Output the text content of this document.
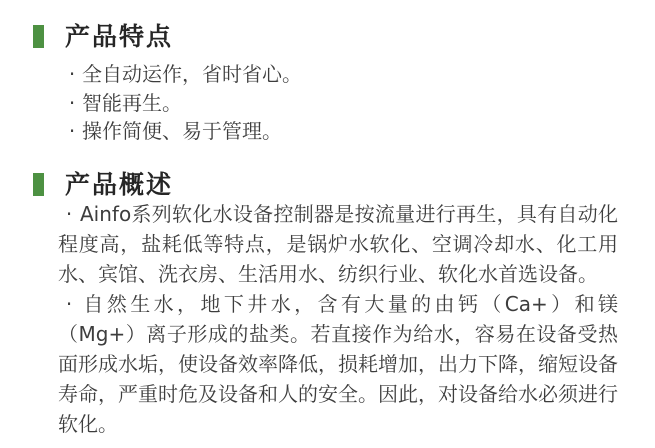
产品特点
· 全自动运作，省时省心。
· 智能再生。
· 操作简便、易于管理。
产品概述

· Ainfo系列软化水设备控制器是按流量进行再生，具有自动化程度高，盐耗低等特点，是锅炉水软化、空调冷却水、化工用水、宾馆、洗衣房、生活用水、纺织行业、软化水首选设备。

· 自然生水，地下井水，含有大量的由钙（Ca+）和镁（Mg+）离子形成的盐类。若直接作为给水，容易在设备受热面形成水垢，使设备效率降低，损耗增加，出力下降，缩短设备寿命，严重时危及设备和人的安全。因此，对设备给水必须进行软化。
